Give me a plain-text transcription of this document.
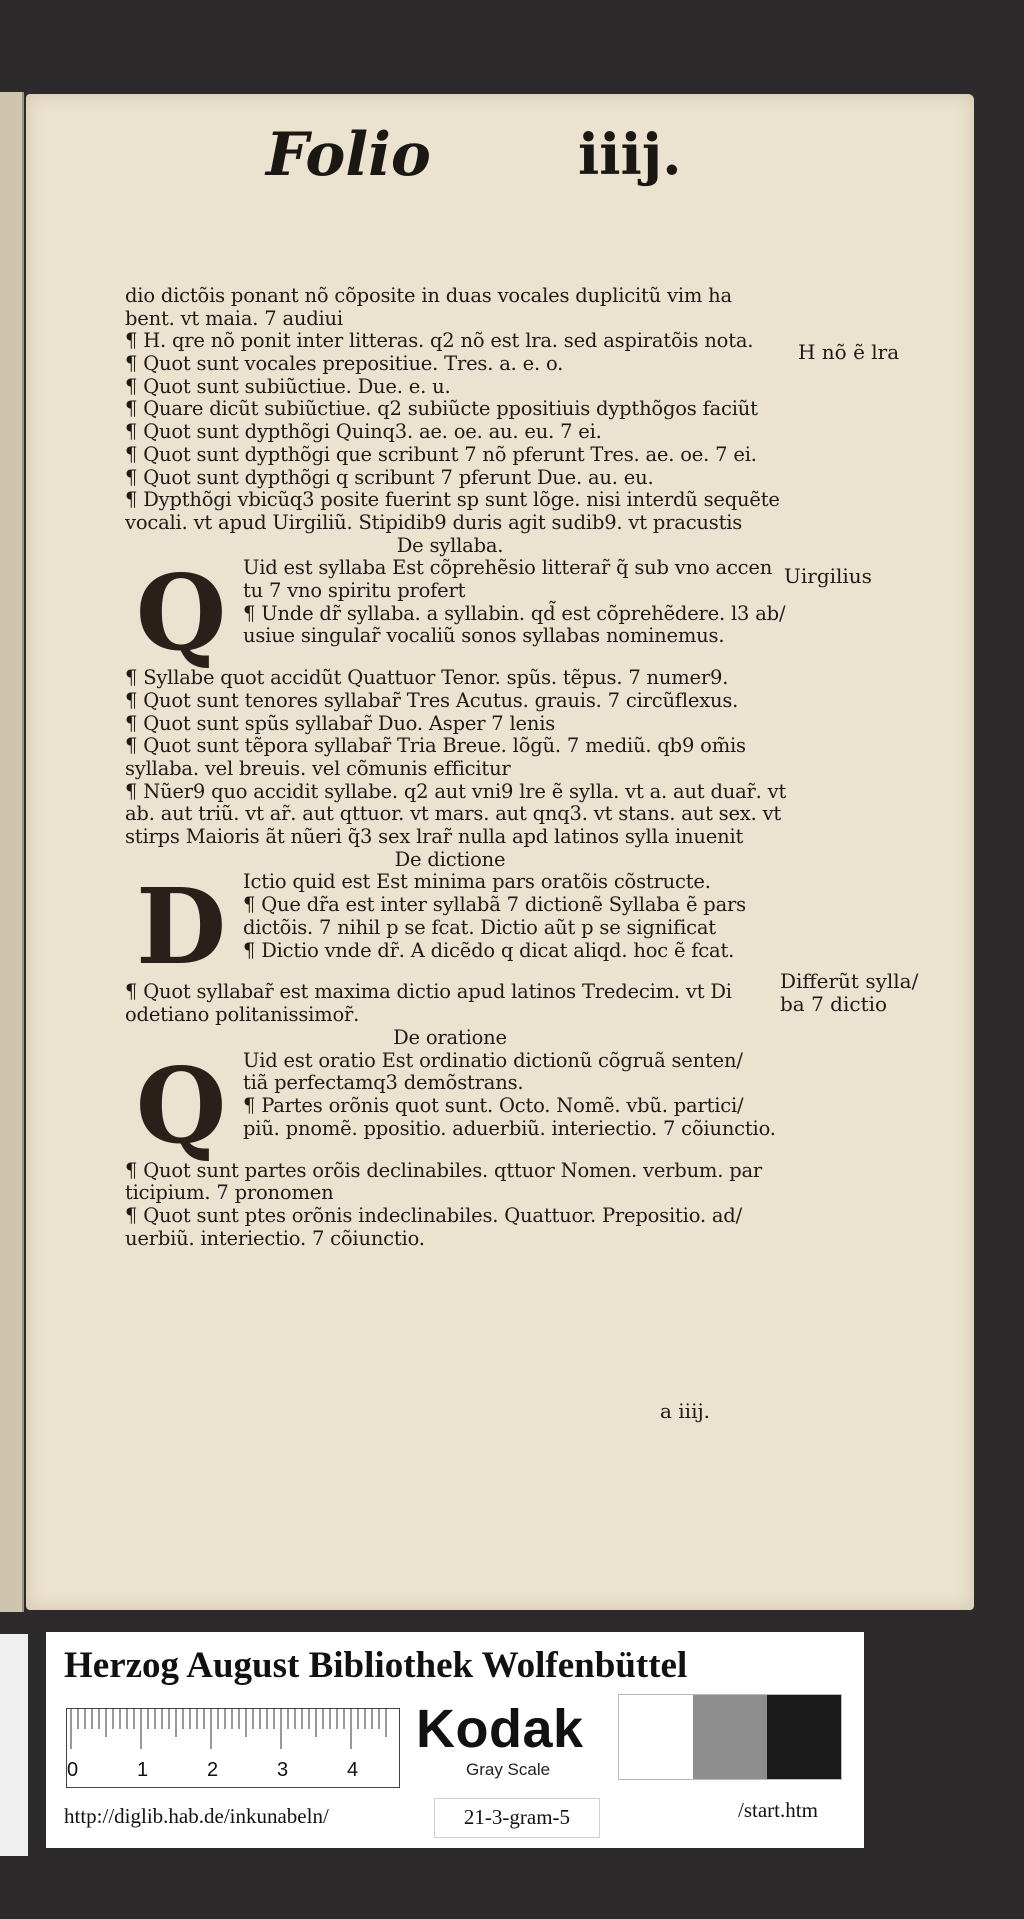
Folio	iiij.
dio dictõis ponant nõ cõposite in duas vocales duplicitũ vim ha
bent. vt maia. 7 audiui
¶ H. qre nõ ponit inter litteras. q2 nõ est lra. sed aspiratõis nota.
¶ Quot sunt vocales prepositiue. Tres. a. e. o.
¶ Quot sunt subiũctiue. Due. e. u.
¶ Quare dicũt subiũctiue. q2 subiũcte ppositiuis dypthõgos faciũt
¶ Quot sunt dypthõgi Quinq3. ae. oe. au. eu. 7 ei.
¶ Quot sunt dypthõgi que scribunt 7 nõ pferunt Tres. ae. oe. 7 ei.
¶ Quot sunt dypthõgi q scribunt 7 pferunt Due. au. eu.
¶ Dypthõgi vbicũq3 posite fuerint sp sunt lõge. nisi interdũ sequẽte
vocali. vt apud Uirgiliũ. Stipidib9 duris agit sudib9. vt pracustis
De syllaba.
Q Uid est syllaba Est cõprehẽsio litterar̃ q̃ sub vno accen
tu 7 vno spiritu profert
¶ Unde dr̃ syllaba. a syllabin. qd̃ est cõprehẽdere. l3 ab/
usiue singular̃ vocaliũ sonos syllabas nominemus.
¶ Syllabe quot accidũt Quattuor Tenor. spũs. tẽpus. 7 numer9.
¶ Quot sunt tenores syllabar̃ Tres Acutus. grauis. 7 circũflexus.
¶ Quot sunt spũs syllabar̃ Duo. Asper 7 lenis
¶ Quot sunt tẽpora syllabar̃ Tria Breue. lõgũ. 7 mediũ. qb9 om̃is
syllaba. vel breuis. vel cõmunis efficitur
¶ Nũer9 quo accidit syllabe. q2 aut vni9 lre ẽ sylla. vt a. aut duar̃. vt
ab. aut triũ. vt ar̃. aut qttuor. vt mars. aut qnq3. vt stans. aut sex. vt
stirps Maioris ãt nũeri q̃3 sex lrar̃ nulla apd latinos sylla inuenit
De dictione
D Ictio quid est Est minima pars oratõis cõstructe.
¶ Que dr̃a est inter syllabã 7 dictionẽ Syllaba ẽ pars
dictõis. 7 nihil p se fcat. Dictio aũt p se significat
¶ Dictio vnde dr̃. A dicẽdo q dicat aliqd. hoc ẽ fcat.
¶ Quot syllabar̃ est maxima dictio apud latinos Tredecim. vt Di
odetiano politanissimor̃.
De oratione
Q Uid est oratio Est ordinatio dictionũ cõgruã senten/
tiã perfectamq3 demõstrans.
¶ Partes orõnis quot sunt. Octo. Nomẽ. vbũ. partici/
piũ. pnomẽ. ppositio. aduerbiũ. interiectio. 7 cõiunctio.
¶ Quot sunt partes orõis declinabiles. qttuor Nomen. verbum. par
ticipium. 7 pronomen
¶ Quot sunt ptes orõnis indeclinabiles. Quattuor. Prepositio. ad/
uerbiũ. interiectio. 7 cõiunctio.
H nõ ẽ lra
Uirgilius
Differũt sylla/
ba 7 dictio
a iiij.
Herzog August Bibliothek Wolfenbüttel
0	1	2	3	4
Kodak
Gray Scale
http://diglib.hab.de/inkunabeln/	21-3-gram-5	/start.htm
